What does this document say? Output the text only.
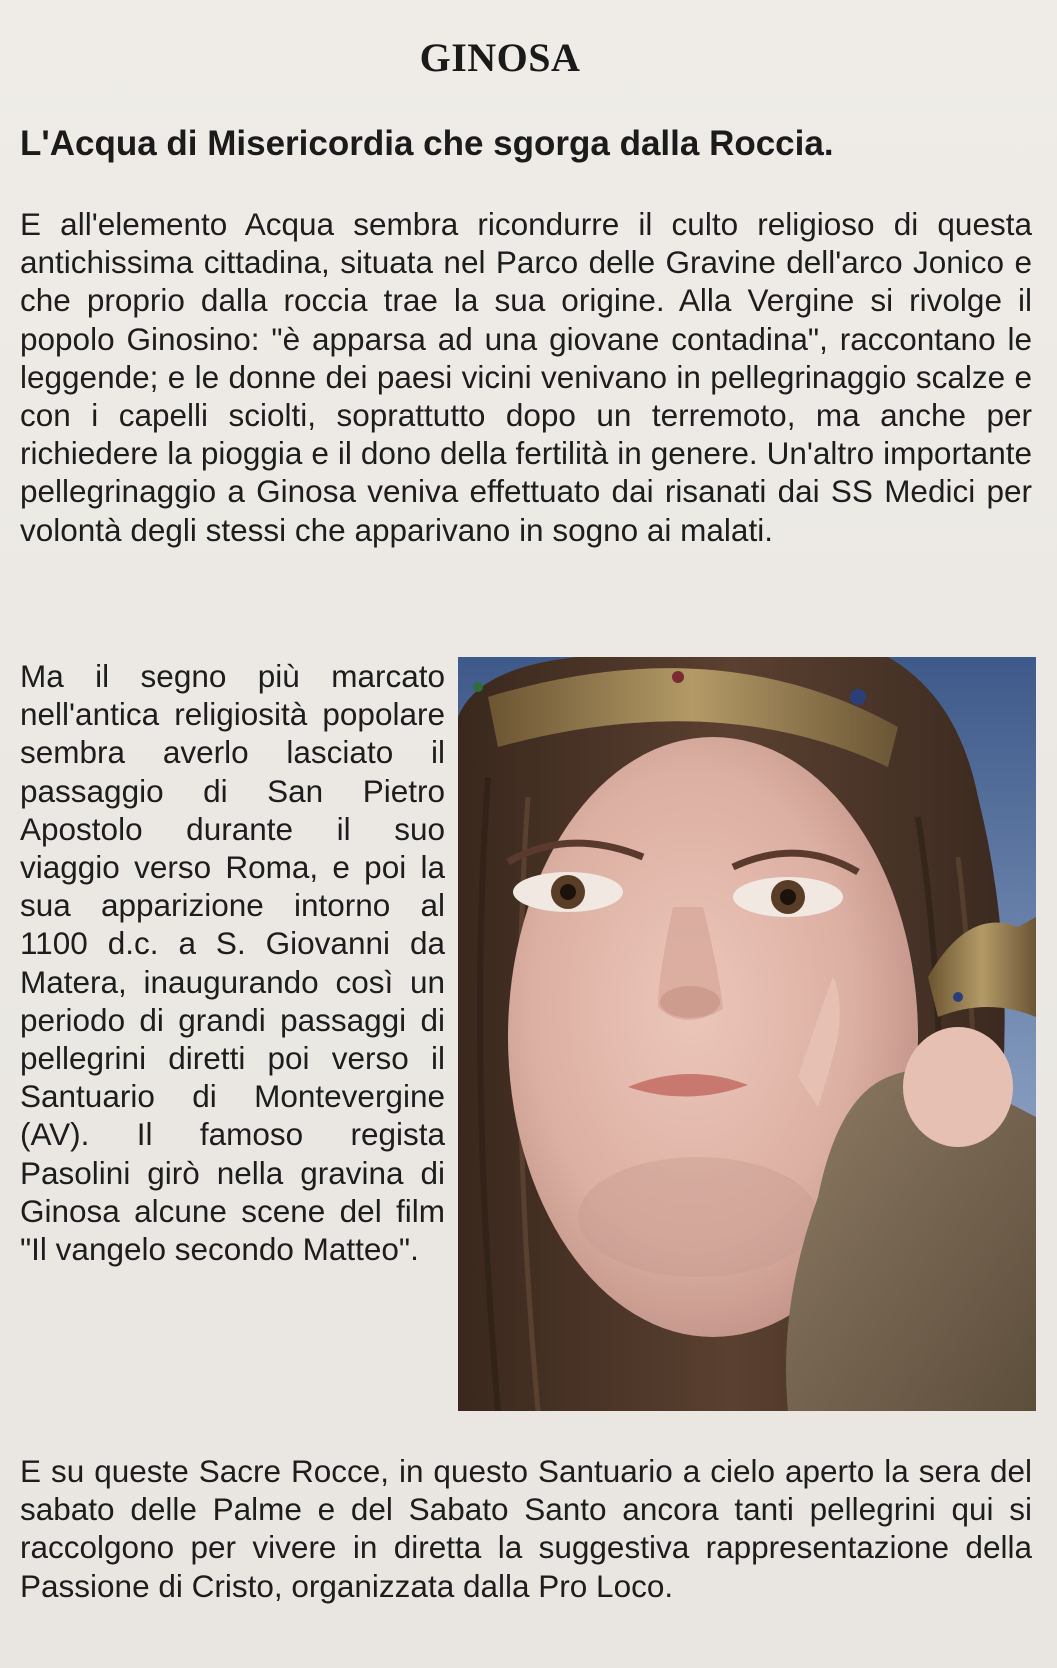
GINOSA
L'Acqua di Misericordia che sgorga dalla Roccia.
E all'elemento Acqua sembra ricondurre il culto religioso di questa antichissima cittadina, situata nel Parco delle Gravine dell'arco Jonico e che proprio dalla roccia trae la sua origine. Alla Vergine si rivolge il popolo Ginosino: "è apparsa ad una giovane contadina", raccontano le leggende; e le donne dei paesi vicini venivano in pellegrinaggio scalze e con i capelli sciolti, soprattutto dopo un terremoto, ma anche per richiedere la pioggia e il dono della fertilità in genere. Un'altro importante pellegrinaggio a Ginosa veniva effettuato dai risanati dai SS Medici per volontà degli stessi che apparivano in sogno ai malati.
Ma il segno più marcato nell'antica religiosità popolare sembra averlo lasciato il passaggio di San Pietro Apostolo durante il suo viaggio verso Roma, e poi la sua apparizione intorno al 1100 d.c. a S. Giovanni da Matera, inaugurando così un periodo di grandi passaggi di pellegrini diretti poi verso il Santuario di Montevergine (AV). Il famoso regista Pasolini girò nella gravina di Ginosa alcune scene del film "Il vangelo secondo Matteo".
E su queste Sacre Rocce, in questo Santuario a cielo aperto la sera del sabato delle Palme e del Sabato Santo ancora tanti pellegrini qui si raccolgono per vivere in diretta la suggestiva rappresentazione della Passione di Cristo, organizzata dalla Pro Loco.
